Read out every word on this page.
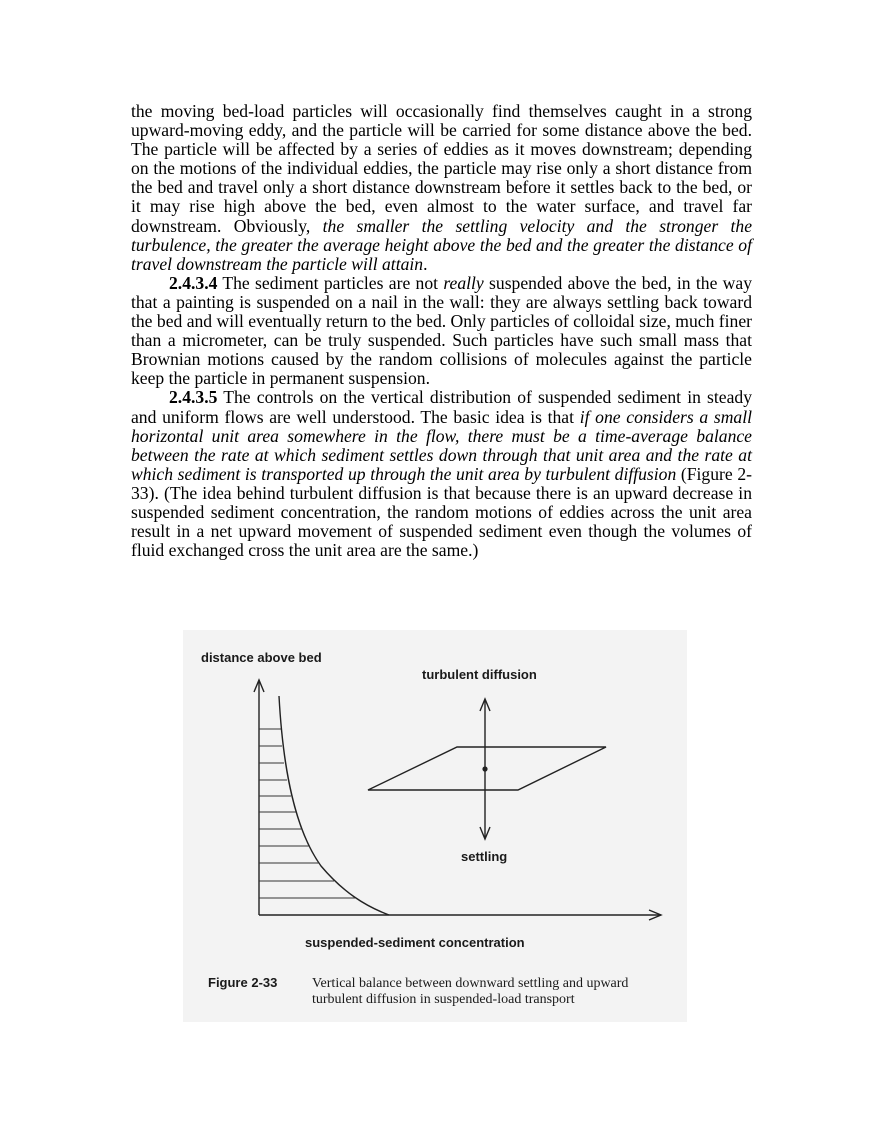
the moving bed-load particles will occasionally find themselves caught in a strong upward-moving eddy, and the particle will be carried for some distance above the bed. The particle will be affected by a series of eddies as it moves downstream; depending on the motions of the individual eddies, the particle may rise only a short distance from the bed and travel only a short distance downstream before it settles back to the bed, or it may rise high above the bed, even almost to the water surface, and travel far downstream. Obviously, the smaller the settling velocity and the stronger the turbulence, the greater the average height above the bed and the greater the distance of travel downstream the particle will attain.

2.4.3.4 The sediment particles are not really suspended above the bed, in the way that a painting is suspended on a nail in the wall: they are always settling back toward the bed and will eventually return to the bed. Only particles of colloidal size, much finer than a micrometer, can be truly suspended. Such particles have such small mass that Brownian motions caused by the random collisions of molecules against the particle keep the particle in permanent suspension.

2.4.3.5 The controls on the vertical distribution of suspended sediment in steady and uniform flows are well understood. The basic idea is that if one considers a small horizontal unit area somewhere in the flow, there must be a time-average balance between the rate at which sediment settles down through that unit area and the rate at which sediment is transported up through the unit area by turbulent diffusion (Figure 2-33). (The idea behind turbulent diffusion is that because there is an upward decrease in suspended sediment concentration, the random motions of eddies across the unit area result in a net upward movement of suspended sediment even though the volumes of fluid exchanged cross the unit area are the same.)

distance above bed
suspended-sediment concentration
turbulent diffusion
settling
Figure 2-33 Vertical balance between downward settling and upward turbulent diffusion in suspended-load transport
